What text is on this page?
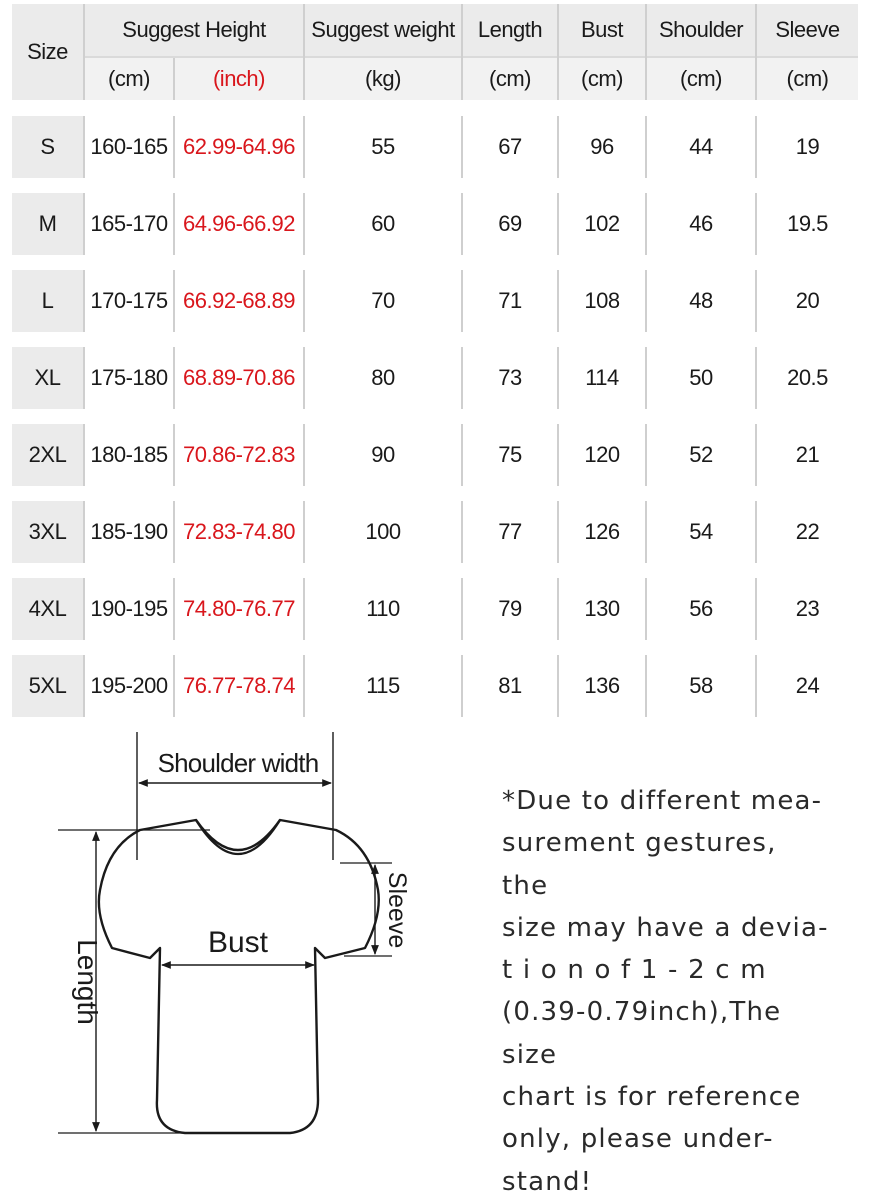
Size	Suggest Height		Suggest weight	Length	Bust	Shoulder	Sleeve
	(cm)	(inch)	(kg)	(cm)	(cm)	(cm)	(cm)

S	160-165	62.99-64.96	55	67	96	44	19

M	165-170	64.96-66.92	60	69	102	46	19.5

L	170-175	66.92-68.89	70	71	108	48	20

XL	175-180	68.89-70.86	80	73	114	50	20.5

2XL	180-185	70.86-72.83	90	75	120	52	21

3XL	185-190	72.83-74.80	100	77	126	54	22

4XL	190-195	74.80-76.77	110	79	130	56	23

5XL	195-200	76.77-78.74	115	81	136	58	24

Shoulder width
Length	Bust	Sleeve
*Due to different mea-
surement gestures, the
size may have a devia-
t i o n o f 1 - 2 c m
(0.39-0.79inch),The size
chart is for reference
only, please under-
stand!
